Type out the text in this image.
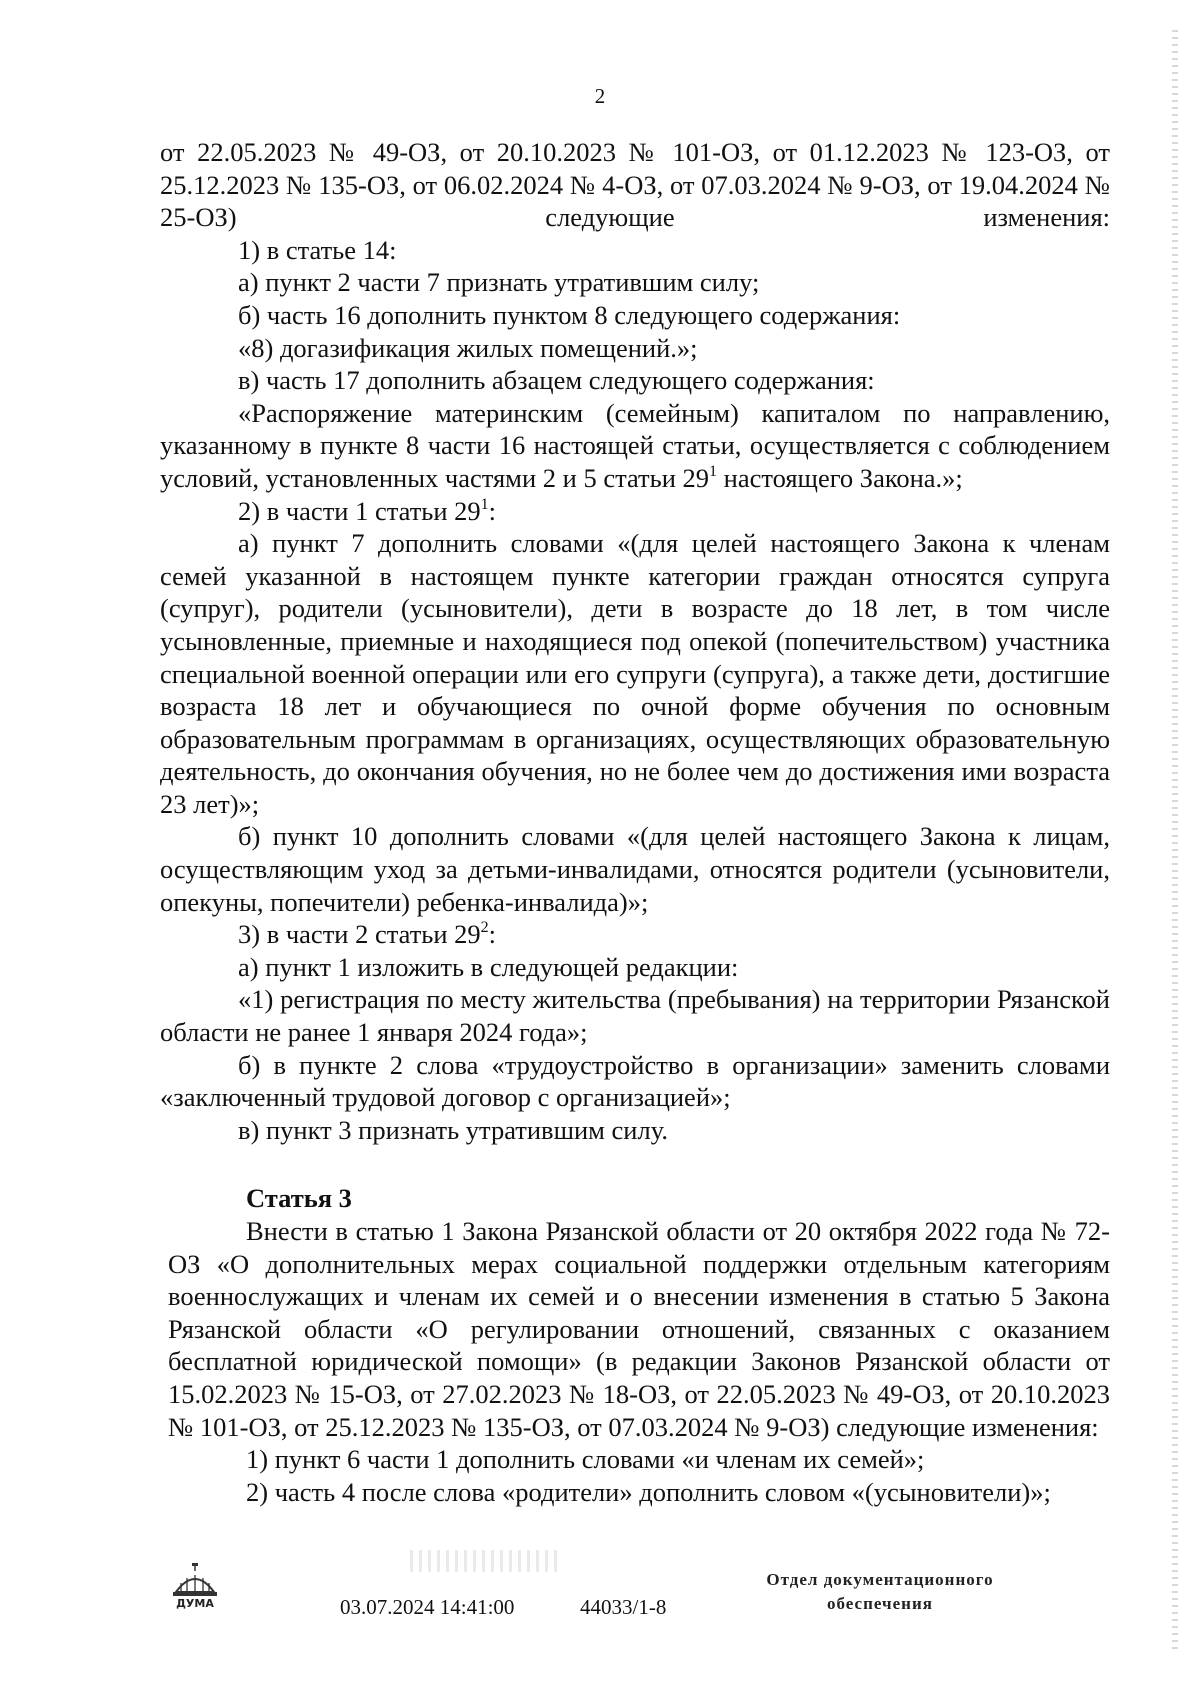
2

от 22.05.2023 № 49-ОЗ, от 20.10.2023 № 101-ОЗ, от 01.12.2023 № 123-ОЗ, от 25.12.2023 № 135-ОЗ, от 06.02.2024 № 4-ОЗ, от 07.03.2024 № 9-ОЗ, от 19.04.2024 № 25-ОЗ) следующие изменения:

1) в статье 14:

а) пункт 2 части 7 признать утратившим силу;

б) часть 16 дополнить пунктом 8 следующего содержания:

«8) догазификация жилых помещений.»;

в) часть 17 дополнить абзацем следующего содержания:

«Распоряжение материнским (семейным) капиталом по направлению, указанному в пункте 8 части 16 настоящей статьи, осуществляется с соблюдением условий, установленных частями 2 и 5 статьи $29^1$ настоящего Закона.»;

2) в части 1 статьи $29^1$:

а) пункт 7 дополнить словами «(для целей настоящего Закона к членам семей указанной в настоящем пункте категории граждан относятся супруга (супруг), родители (усыновители), дети в возрасте до 18 лет, в том числе усыновленные, приемные и находящиеся под опекой (попечительством) участника специальной военной операции или его супруги (супруга), а также дети, достигшие возраста 18 лет и обучающиеся по очной форме обучения по основным образовательным программам в организациях, осуществляющих образовательную деятельность, до окончания обучения, но не более чем до достижения ими возраста 23 лет)»;

б) пункт 10 дополнить словами «(для целей настоящего Закона к лицам, осуществляющим уход за детьми-инвалидами, относятся родители (усыновители, опекуны, попечители) ребенка-инвалида)»;

3) в части 2 статьи $29^2$:

а) пункт 1 изложить в следующей редакции:

«1) регистрация по месту жительства (пребывания) на территории Рязанской области не ранее 1 января 2024 года»;

б) в пункте 2 слова «трудоустройство в организации» заменить словами «заключенный трудовой договор с организацией»;

в) пункт 3 признать утратившим силу.

Статья 3

Внести в статью 1 Закона Рязанской области от 20 октября 2022 года № 72-ОЗ «О дополнительных мерах социальной поддержки отдельным категориям военнослужащих и членам их семей и о внесении изменения в статью 5 Закона Рязанской области «О регулировании отношений, связанных с оказанием бесплатной юридической помощи» (в редакции Законов Рязанской области от 15.02.2023 № 15-ОЗ, от 27.02.2023 № 18-ОЗ, от 22.05.2023 № 49-ОЗ, от 20.10.2023 № 101-ОЗ, от 25.12.2023 № 135-ОЗ, от 07.03.2024 № 9-ОЗ) следующие изменения:

1) пункт 6 части 1 дополнить словами «и членам их семей»;

2) часть 4 после слова «родители» дополнить словом «(усыновители)»;

ДУМА	03.07.2024 14:41:00	44033/1-8
Отдел документационного
обеспечения
